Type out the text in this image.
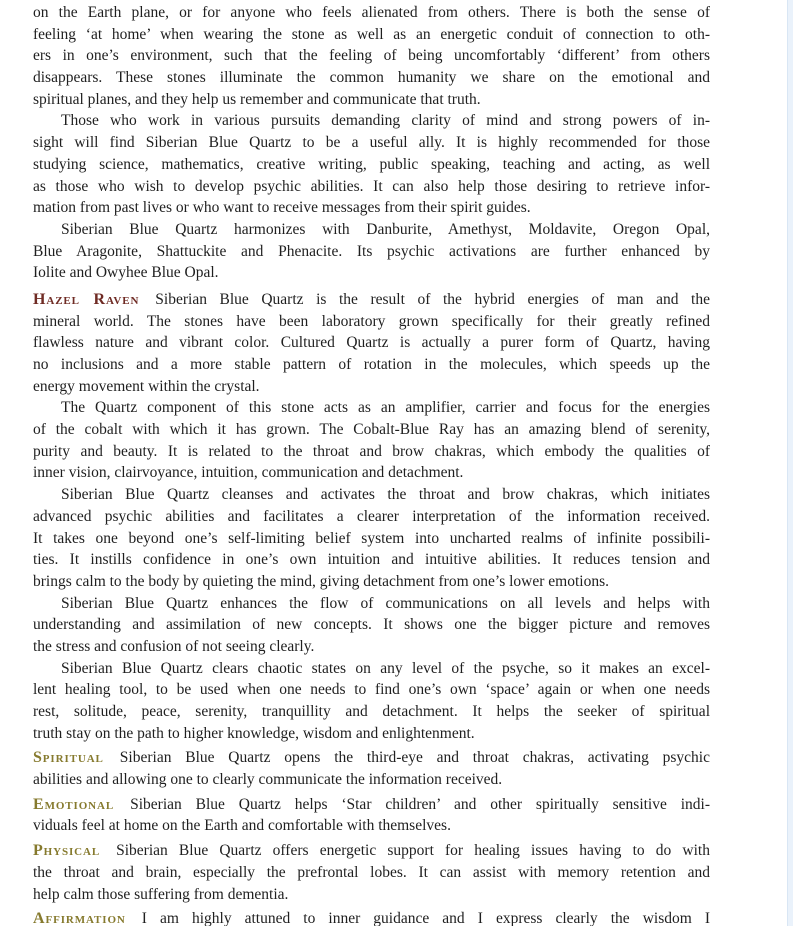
on the Earth plane, or for anyone who feels alienated from others. There is both the sense of
feeling ‘at home’ when wearing the stone as well as an energetic conduit of connection to oth-
ers in one’s environment, such that the feeling of being uncomfortably ‘different’ from others
disappears. These stones illuminate the common humanity we share on the emotional and
spiritual planes, and they help us remember and communicate that truth.
Those who work in various pursuits demanding clarity of mind and strong powers of in-
sight will find Siberian Blue Quartz to be a useful ally. It is highly recommended for those
studying science, mathematics, creative writing, public speaking, teaching and acting, as well
as those who wish to develop psychic abilities. It can also help those desiring to retrieve infor-
mation from past lives or who want to receive messages from their spirit guides.
Siberian Blue Quartz harmonizes with Danburite, Amethyst, Moldavite, Oregon Opal,
Blue Aragonite, Shattuckite and Phenacite. Its psychic activations are further enhanced by
Iolite and Owyhee Blue Opal.
Hazel Raven Siberian Blue Quartz is the result of the hybrid energies of man and the
mineral world. The stones have been laboratory grown specifically for their greatly refined
flawless nature and vibrant color. Cultured Quartz is actually a purer form of Quartz, having
no inclusions and a more stable pattern of rotation in the molecules, which speeds up the
energy movement within the crystal.
The Quartz component of this stone acts as an amplifier, carrier and focus for the energies
of the cobalt with which it has grown. The Cobalt-Blue Ray has an amazing blend of serenity,
purity and beauty. It is related to the throat and brow chakras, which embody the qualities of
inner vision, clairvoyance, intuition, communication and detachment.
Siberian Blue Quartz cleanses and activates the throat and brow chakras, which initiates
advanced psychic abilities and facilitates a clearer interpretation of the information received.
It takes one beyond one’s self-limiting belief system into uncharted realms of infinite possibili-
ties. It instills confidence in one’s own intuition and intuitive abilities. It reduces tension and
brings calm to the body by quieting the mind, giving detachment from one’s lower emotions.
Siberian Blue Quartz enhances the flow of communications on all levels and helps with
understanding and assimilation of new concepts. It shows one the bigger picture and removes
the stress and confusion of not seeing clearly.
Siberian Blue Quartz clears chaotic states on any level of the psyche, so it makes an excel-
lent healing tool, to be used when one needs to find one’s own ‘space’ again or when one needs
rest, solitude, peace, serenity, tranquillity and detachment. It helps the seeker of spiritual
truth stay on the path to higher knowledge, wisdom and enlightenment.
Spiritual Siberian Blue Quartz opens the third-eye and throat chakras, activating psychic
abilities and allowing one to clearly communicate the information received.
Emotional Siberian Blue Quartz helps ‘Star children’ and other spiritually sensitive indi-
viduals feel at home on the Earth and comfortable with themselves.
Physical Siberian Blue Quartz offers energetic support for healing issues having to do with
the throat and brain, especially the prefrontal lobes. It can assist with memory retention and
help calm those suffering from dementia.
Affirmation I am highly attuned to inner guidance and I express clearly the wisdom I
